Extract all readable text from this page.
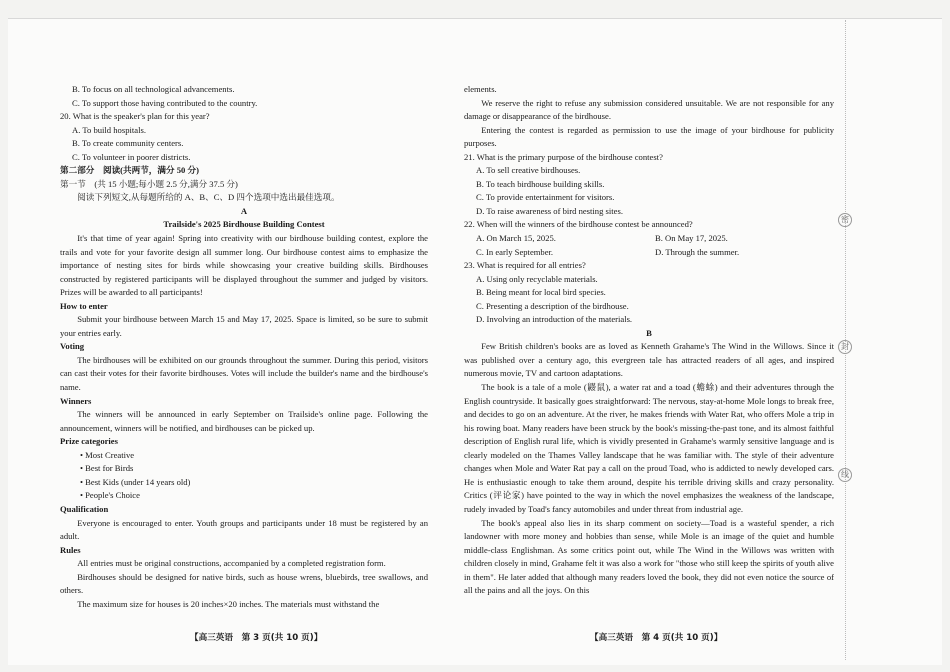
B. To focus on all technological advancements.

C. To support those having contributed to the country.

20. What is the speaker's plan for this year?

A. To build hospitals.

B. To create community centers.

C. To volunteer in poorer districts.

第二部分　阅读(共两节，满分 50 分)

第一节　(共 15 小题;每小题 2.5 分,满分 37.5 分)

阅读下列短文,从每题所给的 A、B、C、D 四个选项中选出最佳选项。

A

Trailside's 2025 Birdhouse Building Contest

It's that time of year again! Spring into creativity with our birdhouse building contest, explore the trails and vote for your favorite design all summer long. Our birdhouse contest aims to emphasize the importance of nesting sites for birds while showcasing your creative building skills. Birdhouses constructed by registered participants will be displayed throughout the summer and judged by visitors. Prizes will be awarded to all participants!

How to enter

Submit your birdhouse between March 15 and May 17, 2025. Space is limited, so be sure to submit your entries early.

Voting

The birdhouses will be exhibited on our grounds throughout the summer. During this period, visitors can cast their votes for their favorite birdhouses. Votes will include the builder's name and the birdhouse's name.

Winners

The winners will be announced in early September on Trailside's online page. Following the announcement, winners will be notified, and birdhouses can be picked up.

Prize categories

• Most Creative

• Best for Birds

• Best Kids (under 14 years old)

• People's Choice

Qualification

Everyone is encouraged to enter. Youth groups and participants under 18 must be registered by an adult.

Rules

All entries must be original constructions, accompanied by a completed registration form.

Birdhouses should be designed for native birds, such as house wrens, bluebirds, tree swallows, and others.

The maximum size for houses is 20 inches×20 inches. The materials must withstand the

elements.

We reserve the right to refuse any submission considered unsuitable. We are not responsible for any damage or disappearance of the birdhouse.

Entering the contest is regarded as permission to use the image of your birdhouse for publicity purposes.

21. What is the primary purpose of the birdhouse contest?

A. To sell creative birdhouses.

B. To teach birdhouse building skills.

C. To provide entertainment for visitors.

D. To raise awareness of bird nesting sites.

22. When will the winners of the birdhouse contest be announced?

A. On March 15, 2025.	B. On May 17, 2025.
C. In early September.	D. Through the summer.

23. What is required for all entries?

A. Using only recyclable materials.

B. Being meant for local bird species.

C. Presenting a description of the birdhouse.

D. Involving an introduction of the materials.

B

Few British children's books are as loved as Kenneth Grahame's The Wind in the Willows. Since it was published over a century ago, this evergreen tale has attracted readers of all ages, and inspired numerous movie, TV and cartoon adaptations.

The book is a tale of a mole (鼹鼠), a water rat and a toad (蟾蜍) and their adventures through the English countryside. It basically goes straightforward: The nervous, stay-at-home Mole longs to break free, and decides to go on an adventure. At the river, he makes friends with Water Rat, who offers Mole a trip in his rowing boat. Many readers have been struck by the book's missing-the-past tone, and its almost faithful description of English rural life, which is vividly presented in Grahame's warmly sensitive language and is clearly modeled on the Thames Valley landscape that he was familiar with. The style of their adventure changes when Mole and Water Rat pay a call on the proud Toad, who is addicted to newly developed cars. He is enthusiastic enough to take them around, despite his terrible driving skills and crazy personality. Critics (评论家) have pointed to the way in which the novel emphasizes the weakness of the landscape, rudely invaded by Toad's fancy automobiles and under threat from industrial age.

The book's appeal also lies in its sharp comment on society—Toad is a wasteful spender, a rich landowner with more money and hobbies than sense, while Mole is an image of the quiet and humble middle-class Englishman. As some critics point out, while The Wind in the Willows was written with children closely in mind, Grahame felt it was also a work for "those who still keep the spirits of youth alive in them". He later added that although many readers loved the book, they did not even notice the source of all the pains and all the joys. On this

【高三英语　第 3 页(共 10 页)】	【高三英语　第 4 页(共 10 页)】
密
封
线
